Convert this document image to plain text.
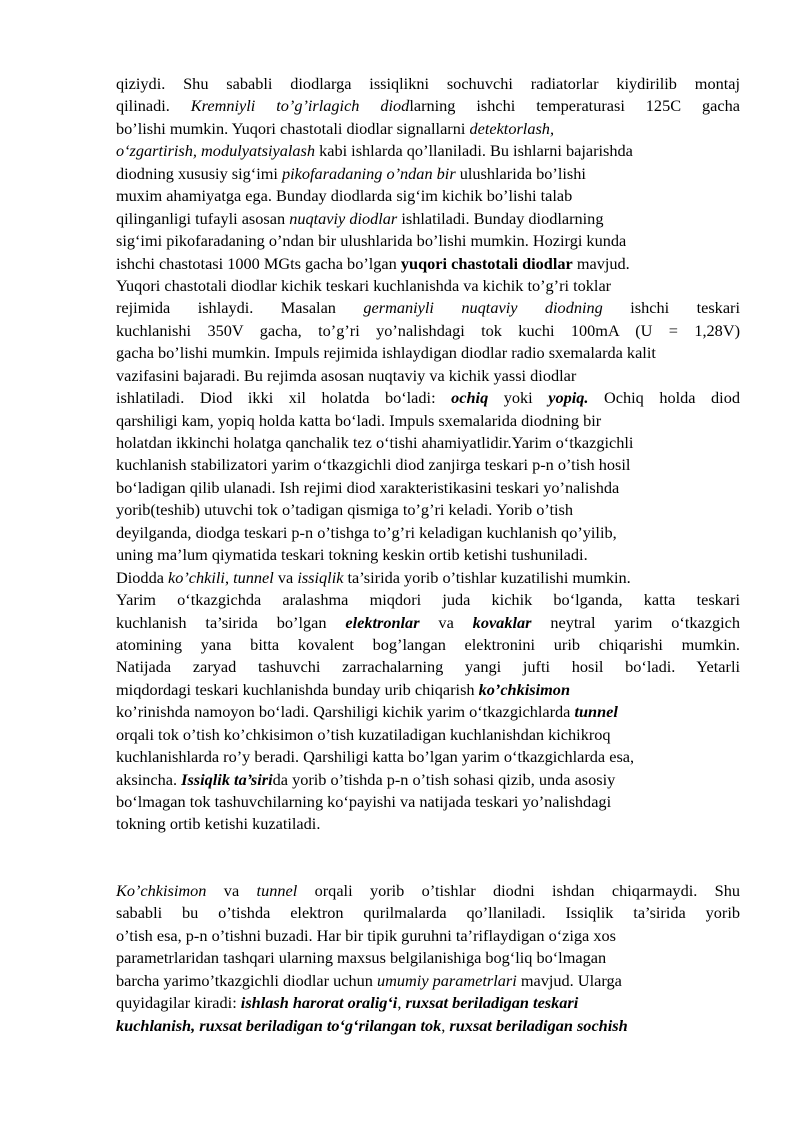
qiziydi. Shu sababli diodlarga issiqlikni sochuvchi radiatorlar kiydirilib montaj
qilinadi. Kremniyli to’g’irlagich diodlarning ishchi temperaturasi 125C gacha
bo’lishi mumkin. Yuqori chastotali diodlar signallarni detektorlash,
o‘zgartirish, modulyatsiyalash kabi ishlarda qo’llaniladi. Bu ishlarni bajarishda
diodning xususiy sig‘imi pikofaradaning o’ndan bir ulushlarida bo’lishi
muxim ahamiyatga ega. Bunday diodlarda sig‘im kichik bo’lishi talab
qilinganligi tufayli asosan nuqtaviy diodlar ishlatiladi. Bunday diodlarning
sig‘imi pikofaradaning o’ndan bir ulushlarida bo’lishi mumkin. Hozirgi kunda
ishchi chastotasi 1000 MGts gacha bo’lgan yuqori chastotali diodlar mavjud.
Yuqori chastotali diodlar kichik teskari kuchlanishda va kichik to’g’ri toklar
rejimida ishlaydi. Masalan germaniyli nuqtaviy diodning ishchi teskari
kuchlanishi 350V gacha, to’g’ri yo’nalishdagi tok kuchi 100mA (U = 1,28V)
gacha bo’lishi mumkin. Impuls rejimida ishlaydigan diodlar radio sxemalarda kalit
vazifasini bajaradi. Bu rejimda asosan nuqtaviy va kichik yassi diodlar
ishlatiladi. Diod ikki xil holatda bo‘ladi: ochiq yoki yopiq. Ochiq holda diod
qarshiligi kam, yopiq holda katta bo‘ladi. Impuls sxemalarida diodning bir
holatdan ikkinchi holatga qanchalik tez o‘tishi ahamiyatlidir.Yarim o‘tkazgichli
kuchlanish stabilizatori yarim o‘tkazgichli diod zanjirga teskari p-n o’tish hosil
bo‘ladigan qilib ulanadi. Ish rejimi diod xarakteristikasini teskari yo’nalishda
yorib(teshib) utuvchi tok o’tadigan qismiga to’g’ri keladi. Yorib o’tish
deyilganda, diodga teskari p-n o’tishga to’g’ri keladigan kuchlanish qo’yilib,
uning ma’lum qiymatida teskari tokning keskin ortib ketishi tushuniladi.
Diodda ko’chkili, tunnel va issiqlik ta’sirida yorib o’tishlar kuzatilishi mumkin.
Yarim o‘tkazgichda aralashma miqdori juda kichik bo‘lganda, katta teskari
kuchlanish ta’sirida bo’lgan elektronlar va kovaklar neytral yarim o‘tkazgich
atomining yana bitta kovalent bog’langan elektronini urib chiqarishi mumkin.
Natijada zaryad tashuvchi zarrachalarning yangi jufti hosil bo‘ladi. Yetarli
miqdordagi teskari kuchlanishda bunday urib chiqarish ko’chkisimon
ko’rinishda namoyon bo‘ladi. Qarshiligi kichik yarim o‘tkazgichlarda tunnel
orqali tok o’tish ko’chkisimon o’tish kuzatiladigan kuchlanishdan kichikroq
kuchlanishlarda ro’y beradi. Qarshiligi katta bo’lgan yarim o‘tkazgichlarda esa,
aksincha. Issiqlik ta’sirida yorib o’tishda p-n o’tish sohasi qizib, unda asosiy
bo‘lmagan tok tashuvchilarning ko‘payishi va natijada teskari yo’nalishdagi
tokning ortib ketishi kuzatiladi.
Ko’chkisimon va tunnel orqali yorib o’tishlar diodni ishdan chiqarmaydi. Shu
sababli bu o’tishda elektron qurilmalarda qo’llaniladi. Issiqlik ta’sirida yorib
o’tish esa, p-n o’tishni buzadi. Har bir tipik guruhni ta’riflaydigan o‘ziga xos
parametrlaridan tashqari ularning maxsus belgilanishiga bog‘liq bo‘lmagan
barcha yarimo’tkazgichli diodlar uchun umumiy parametrlari mavjud. Ularga
quyidagilar kiradi: ishlash harorat oralig‘i, ruxsat beriladigan teskari
kuchlanish, ruxsat beriladigan to‘g‘rilangan tok, ruxsat beriladigan sochish
